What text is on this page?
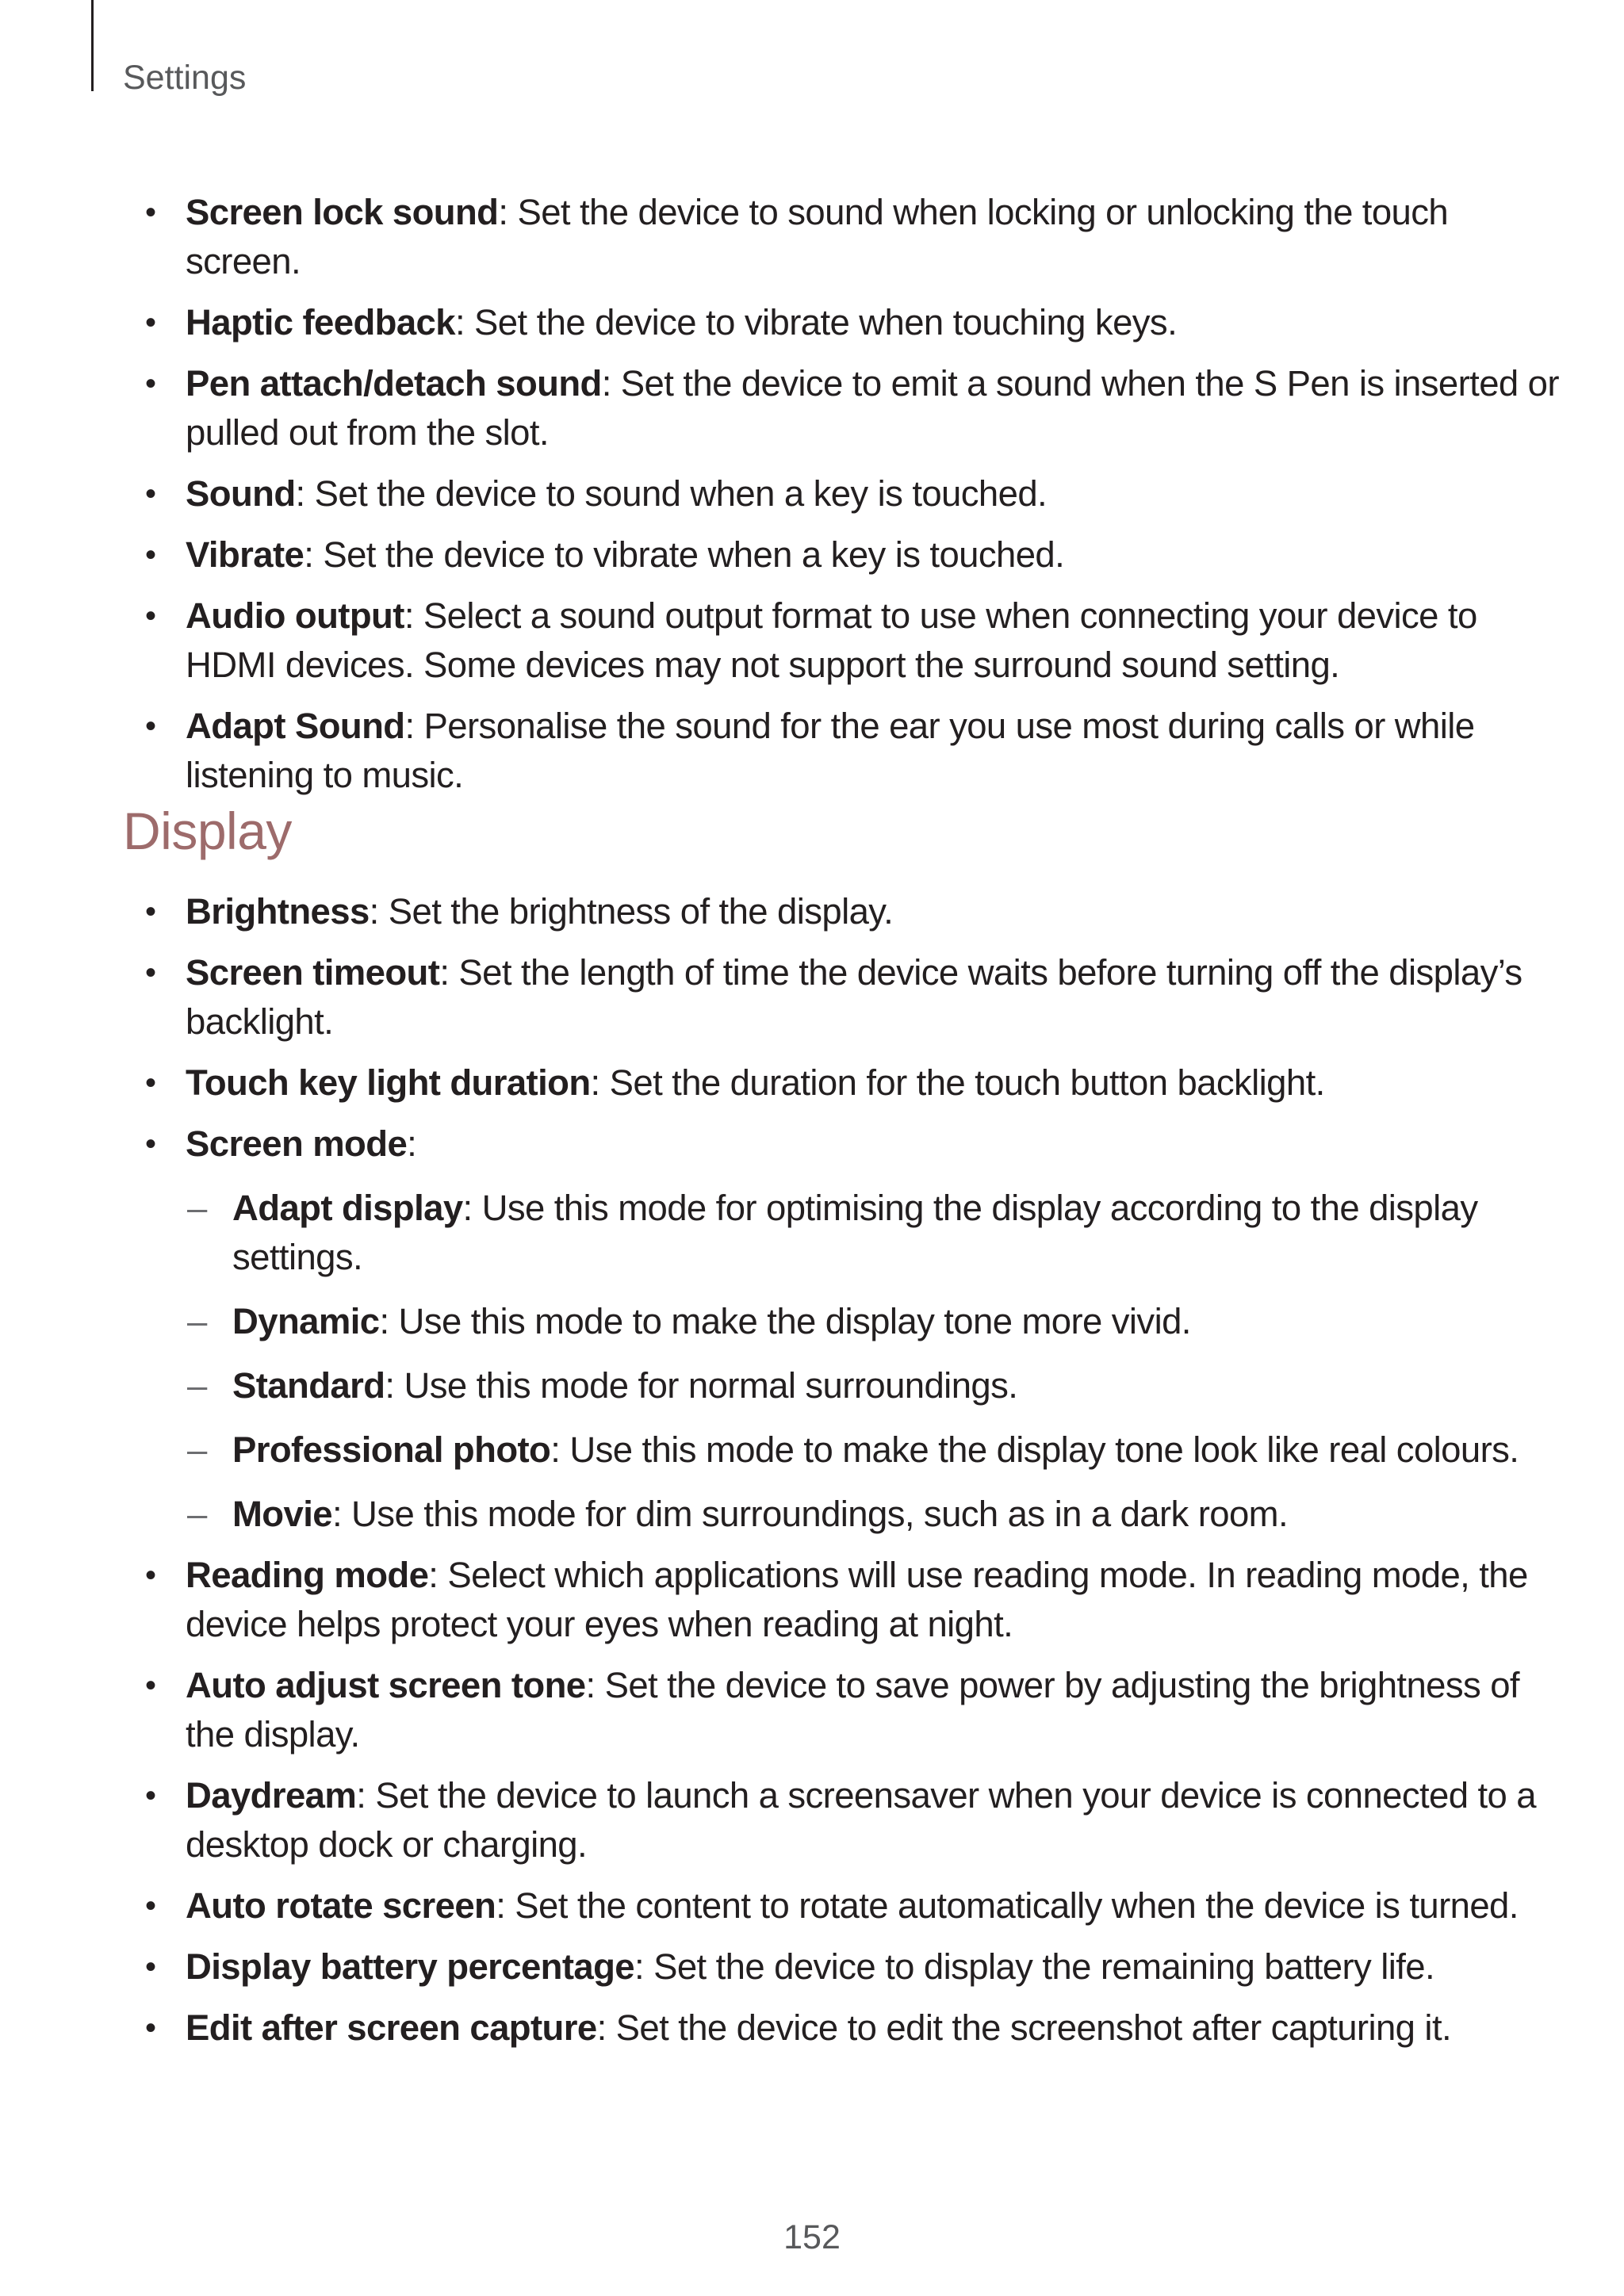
Settings
• Screen lock sound: Set the device to sound when locking or unlocking the touch screen.
• Haptic feedback: Set the device to vibrate when touching keys.
• Pen attach/detach sound: Set the device to emit a sound when the S Pen is inserted or pulled out from the slot.
• Sound: Set the device to sound when a key is touched.
• Vibrate: Set the device to vibrate when a key is touched.
• Audio output: Select a sound output format to use when connecting your device to HDMI devices. Some devices may not support the surround sound setting.
• Adapt Sound: Personalise the sound for the ear you use most during calls or while listening to music.
Display
• Brightness: Set the brightness of the display.
• Screen timeout: Set the length of time the device waits before turning off the display’s backlight.
• Touch key light duration: Set the duration for the touch button backlight.
• Screen mode:
– Adapt display: Use this mode for optimising the display according to the display settings.
– Dynamic: Use this mode to make the display tone more vivid.
– Standard: Use this mode for normal surroundings.
– Professional photo: Use this mode to make the display tone look like real colours.
– Movie: Use this mode for dim surroundings, such as in a dark room.
• Reading mode: Select which applications will use reading mode. In reading mode, the device helps protect your eyes when reading at night.
• Auto adjust screen tone: Set the device to save power by adjusting the brightness of the display.
• Daydream: Set the device to launch a screensaver when your device is connected to a desktop dock or charging.
• Auto rotate screen: Set the content to rotate automatically when the device is turned.
• Display battery percentage: Set the device to display the remaining battery life.
• Edit after screen capture: Set the device to edit the screenshot after capturing it.
152
